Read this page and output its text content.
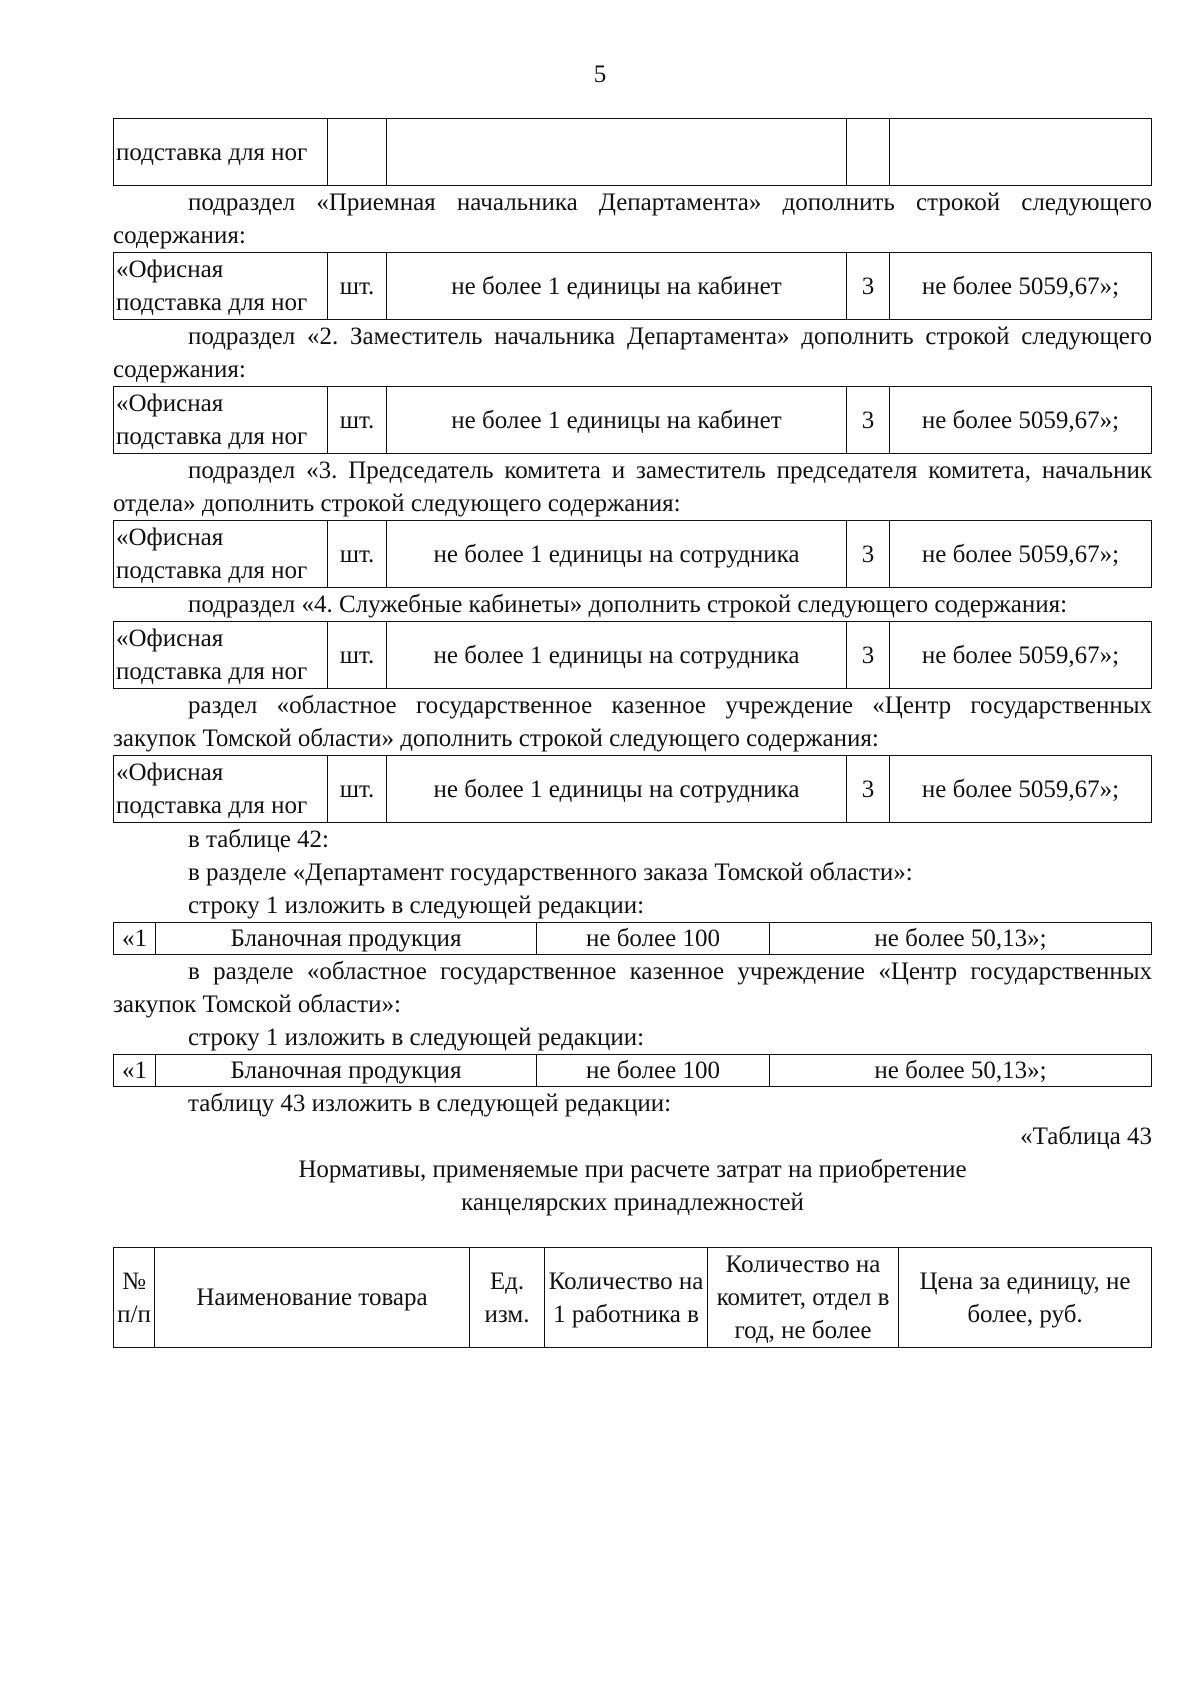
5
подставка для ног				

подраздел «Приемная начальника Департамента» дополнить строкой следующего содержания:

«Офисная подставка для ног	шт.	не более 1 единицы на кабинет	3	не более 5059,67»;

подраздел «2. Заместитель начальника Департамента» дополнить строкой следующего содержания:

«Офисная подставка для ног	шт.	не более 1 единицы на кабинет	3	не более 5059,67»;

подраздел «3. Председатель комитета и заместитель председателя комитета, начальник отдела» дополнить строкой следующего содержания:

«Офисная подставка для ног	шт.	не более 1 единицы на сотрудника	3	не более 5059,67»;

подраздел «4. Служебные кабинеты» дополнить строкой следующего содержания:

«Офисная подставка для ног	шт.	не более 1 единицы на сотрудника	3	не более 5059,67»;

раздел «областное государственное казенное учреждение «Центр государственных закупок Томской области» дополнить строкой следующего содержания:

«Офисная подставка для ног	шт.	не более 1 единицы на сотрудника	3	не более 5059,67»;

в таблице 42:

в разделе «Департамент государственного заказа Томской области»:

строку 1 изложить в следующей редакции:

«1	Бланочная продукция	не более 100	не более 50,13»;

в разделе «областное государственное казенное учреждение «Центр государственных закупок Томской области»:

строку 1 изложить в следующей редакции:

«1	Бланочная продукция	не более 100	не более 50,13»;

таблицу 43 изложить в следующей редакции:

«Таблица 43

Нормативы, применяемые при расчете затрат на приобретение

канцелярских принадлежностей

№ п/п	Наименование товара	Ед. изм.	Количество на 1 работника в	Количество на комитет, отдел в год, не более	Цена за единицу, не более, руб.
